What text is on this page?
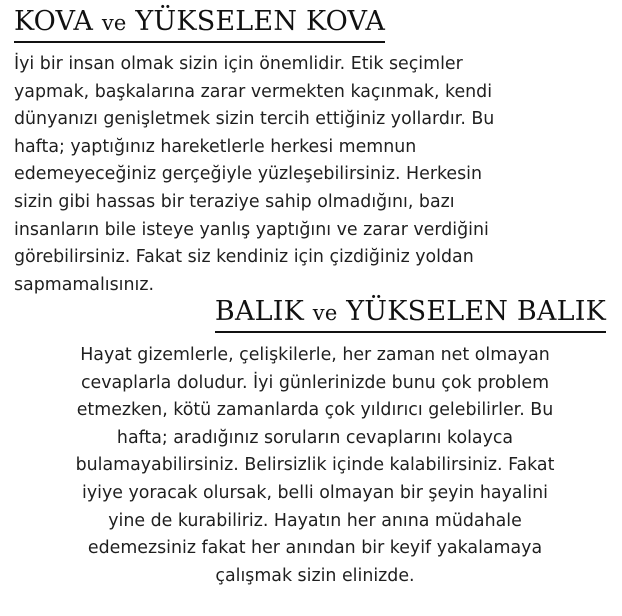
KOVA ve YÜKSELEN KOVA

İyi bir insan olmak sizin için önemlidir. Etik seçimler
yapmak, başkalarına zarar vermekten kaçınmak, kendi
dünyanızı genişletmek sizin tercih ettiğiniz yollardır. Bu
hafta; yaptığınız hareketlerle herkesi memnun
edemeyeceğiniz gerçeğiyle yüzleşebilirsiniz. Herkesin
sizin gibi hassas bir teraziye sahip olmadığını, bazı
insanların bile isteye yanlış yaptığını ve zarar verdiğini
görebilirsiniz. Fakat siz kendiniz için çizdiğiniz yoldan
sapmamalısınız.

BALIK ve YÜKSELEN BALIK

Hayat gizemlerle, çelişkilerle, her zaman net olmayan
cevaplarla doludur. İyi günlerinizde bunu çok problem
etmezken, kötü zamanlarda çok yıldırıcı gelebilirler. Bu
hafta; aradığınız soruların cevaplarını kolayca
bulamayabilirsiniz. Belirsizlik içinde kalabilirsiniz. Fakat
iyiye yoracak olursak, belli olmayan bir şeyin hayalini
yine de kurabiliriz. Hayatın her anına müdahale
edemezsiniz fakat her anından bir keyif yakalamaya
çalışmak sizin elinizde.
